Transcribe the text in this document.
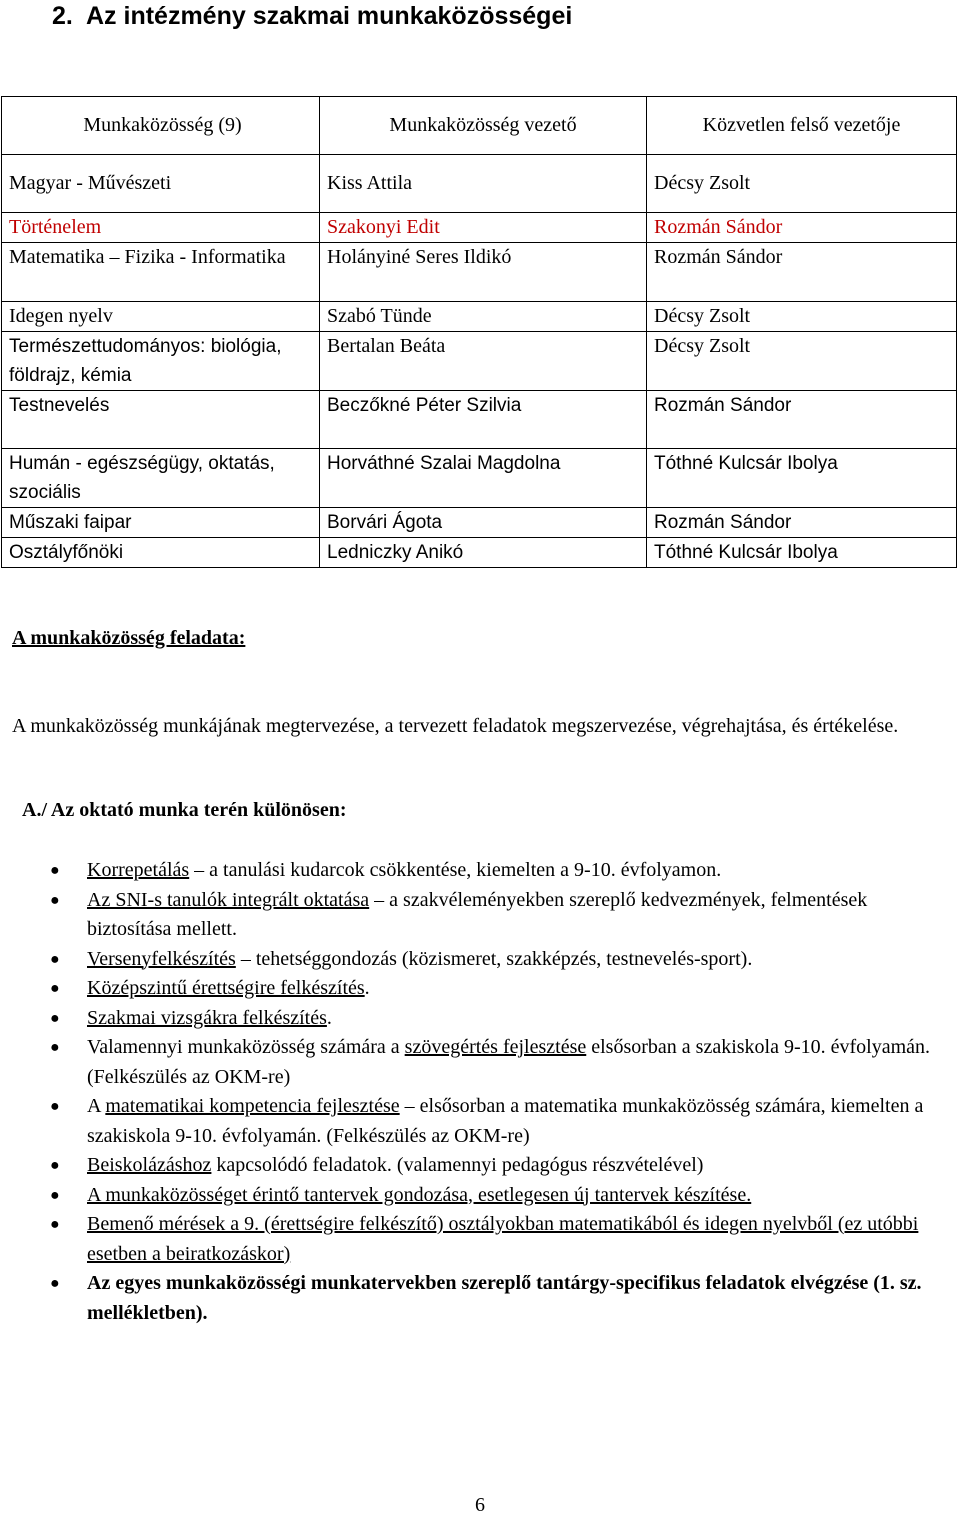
2. Az intézmény szakmai munkaközösségei
Munkaközösség (9)	Munkaközösség vezető	Közvetlen felső vezetője
Magyar - Művészeti	Kiss Attila	Décsy Zsolt
Történelem	Szakonyi Edit	Rozmán Sándor
Matematika – Fizika - Informatika	Holányiné Seres Ildikó	Rozmán Sándor
Idegen nyelv	Szabó Tünde	Décsy Zsolt
Természettudományos: biológia, földrajz, kémia	Bertalan Beáta	Décsy Zsolt
Testnevelés	Beczőkné Péter Szilvia	Rozmán Sándor
Humán - egészségügy, oktatás, szociális	Horváthné Szalai Magdolna	Tóthné Kulcsár Ibolya
Műszaki faipar	Borvári Ágota	Rozmán Sándor
Osztályfőnöki	Ledniczky Anikó	Tóthné Kulcsár Ibolya
A munkaközösség feladata:

A munkaközösség munkájának megtervezése, a tervezett feladatok megszervezése, végrehajtása, és értékelése.

A./ Az oktató munka terén különösen:
● Korrepetálás – a tanulási kudarcok csökkentése, kiemelten a 9-10. évfolyamon.
● Az SNI-s tanulók integrált oktatása – a szakvéleményekben szereplő kedvezmények, felmentések biztosítása mellett.
● Versenyfelkészítés – tehetséggondozás (közismeret, szakképzés, testnevelés-sport).
● Középszintű érettségire felkészítés.
● Szakmai vizsgákra felkészítés.
● Valamennyi munkaközösség számára a szövegértés fejlesztése elsősorban a szakiskola 9-10. évfolyamán. (Felkészülés az OKM-re)
● A matematikai kompetencia fejlesztése – elsősorban a matematika munkaközösség számára, kiemelten a szakiskola 9-10. évfolyamán. (Felkészülés az OKM-re)
● Beiskolázáshoz kapcsolódó feladatok. (valamennyi pedagógus részvételével)
● A munkaközösséget érintő tantervek gondozása, esetlegesen új tantervek készítése.
● Bemenő mérések a 9. (érettségire felkészítő) osztályokban matematikából és idegen nyelvből (ez utóbbi esetben a beiratkozáskor)
● Az egyes munkaközösségi munkatervekben szereplő tantárgy-specifikus feladatok elvégzése (1. sz. mellékletben).

6
